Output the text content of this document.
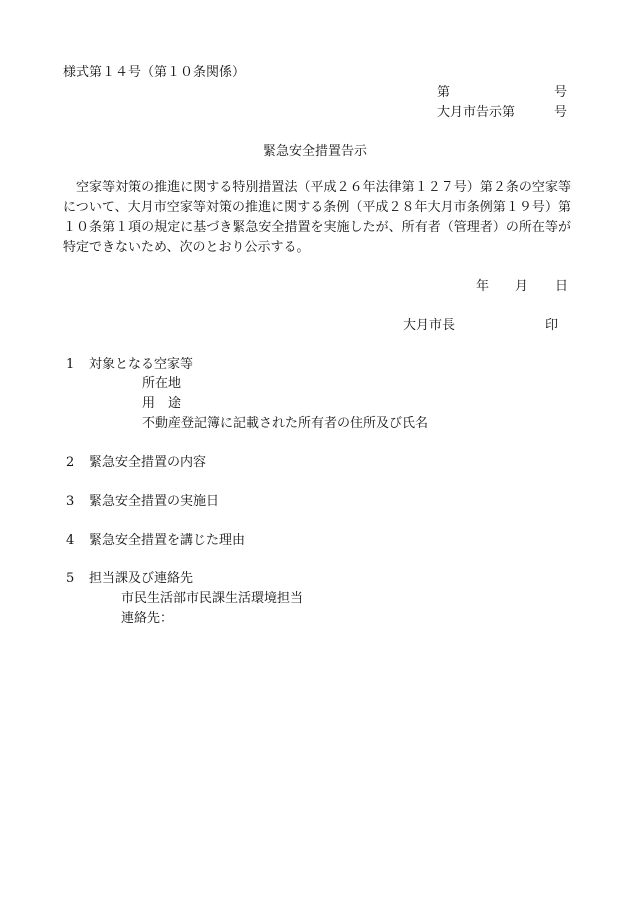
様式第１４号（第１０条関係）
第	号
大月市告示第	号
緊急安全措置告示
　空家等対策の推進に関する特別措置法（平成２６年法律第１２７号）第２条の空家等について、大月市空家等対策の推進に関する条例（平成２８年大月市条例第１９号）第１０条第１項の規定に基づき緊急安全措置を実施したが、所有者（管理者）の所在等が特定できないため、次のとおり公示する。
年 月 日
大月市長	印
1 対象となる空家等
所在地
用　途
不動産登記簿に記載された所有者の住所及び氏名
2 緊急安全措置の内容
3 緊急安全措置の実施日
4 緊急安全措置を講じた理由
5 担当課及び連絡先
市民生活部市民課生活環境担当
連絡先：
